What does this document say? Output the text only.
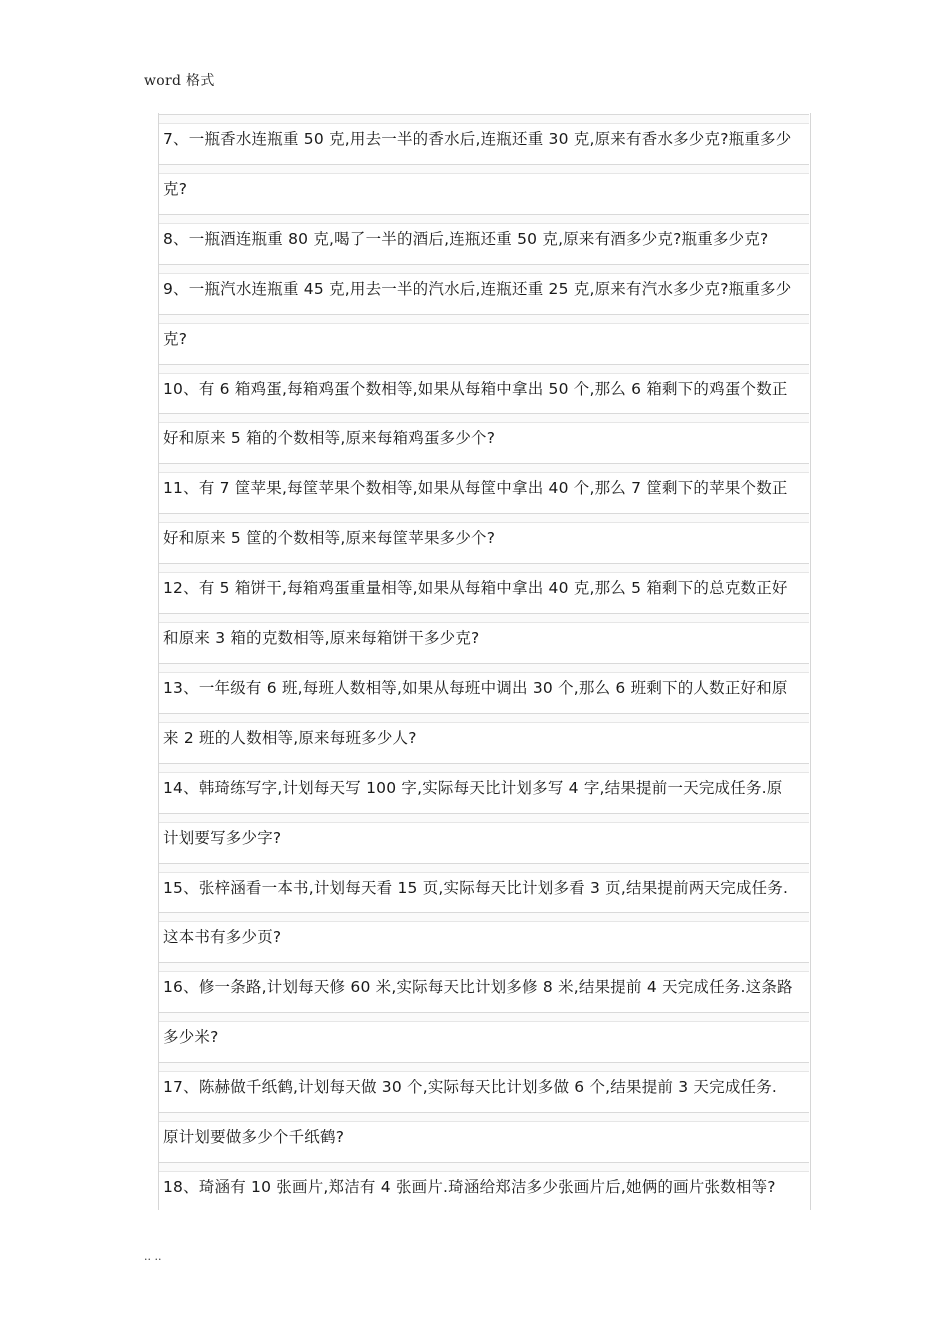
word 格式
7、一瓶香水连瓶重 50 克,用去一半的香水后,连瓶还重 30 克,原来有香水多少克?瓶重多少
克?
8、一瓶酒连瓶重 80 克,喝了一半的酒后,连瓶还重 50 克,原来有酒多少克?瓶重多少克?
9、一瓶汽水连瓶重 45 克,用去一半的汽水后,连瓶还重 25 克,原来有汽水多少克?瓶重多少
克?
10、有 6 箱鸡蛋,每箱鸡蛋个数相等,如果从每箱中拿出 50 个,那么 6 箱剩下的鸡蛋个数正
好和原来 5 箱的个数相等,原来每箱鸡蛋多少个?
11、有 7 筐苹果,每筐苹果个数相等,如果从每筐中拿出 40 个,那么 7 筐剩下的苹果个数正
好和原来 5 筐的个数相等,原来每筐苹果多少个?
12、有 5 箱饼干,每箱鸡蛋重量相等,如果从每箱中拿出 40 克,那么 5 箱剩下的总克数正好
和原来 3 箱的克数相等,原来每箱饼干多少克?
13、一年级有 6 班,每班人数相等,如果从每班中调出 30 个,那么 6 班剩下的人数正好和原
来 2 班的人数相等,原来每班多少人?
14、韩琦练写字,计划每天写 100 字,实际每天比计划多写 4 字,结果提前一天完成任务.原
计划要写多少字?
15、张梓涵看一本书,计划每天看 15 页,实际每天比计划多看 3 页,结果提前两天完成任务.
这本书有多少页?
16、修一条路,计划每天修 60 米,实际每天比计划多修 8 米,结果提前 4 天完成任务.这条路
多少米?
17、陈赫做千纸鹤,计划每天做 30 个,实际每天比计划多做 6 个,结果提前 3 天完成任务.
原计划要做多少个千纸鹤?
18、琦涵有 10 张画片,郑洁有 4 张画片.琦涵给郑洁多少张画片后,她俩的画片张数相等?
.. ..
